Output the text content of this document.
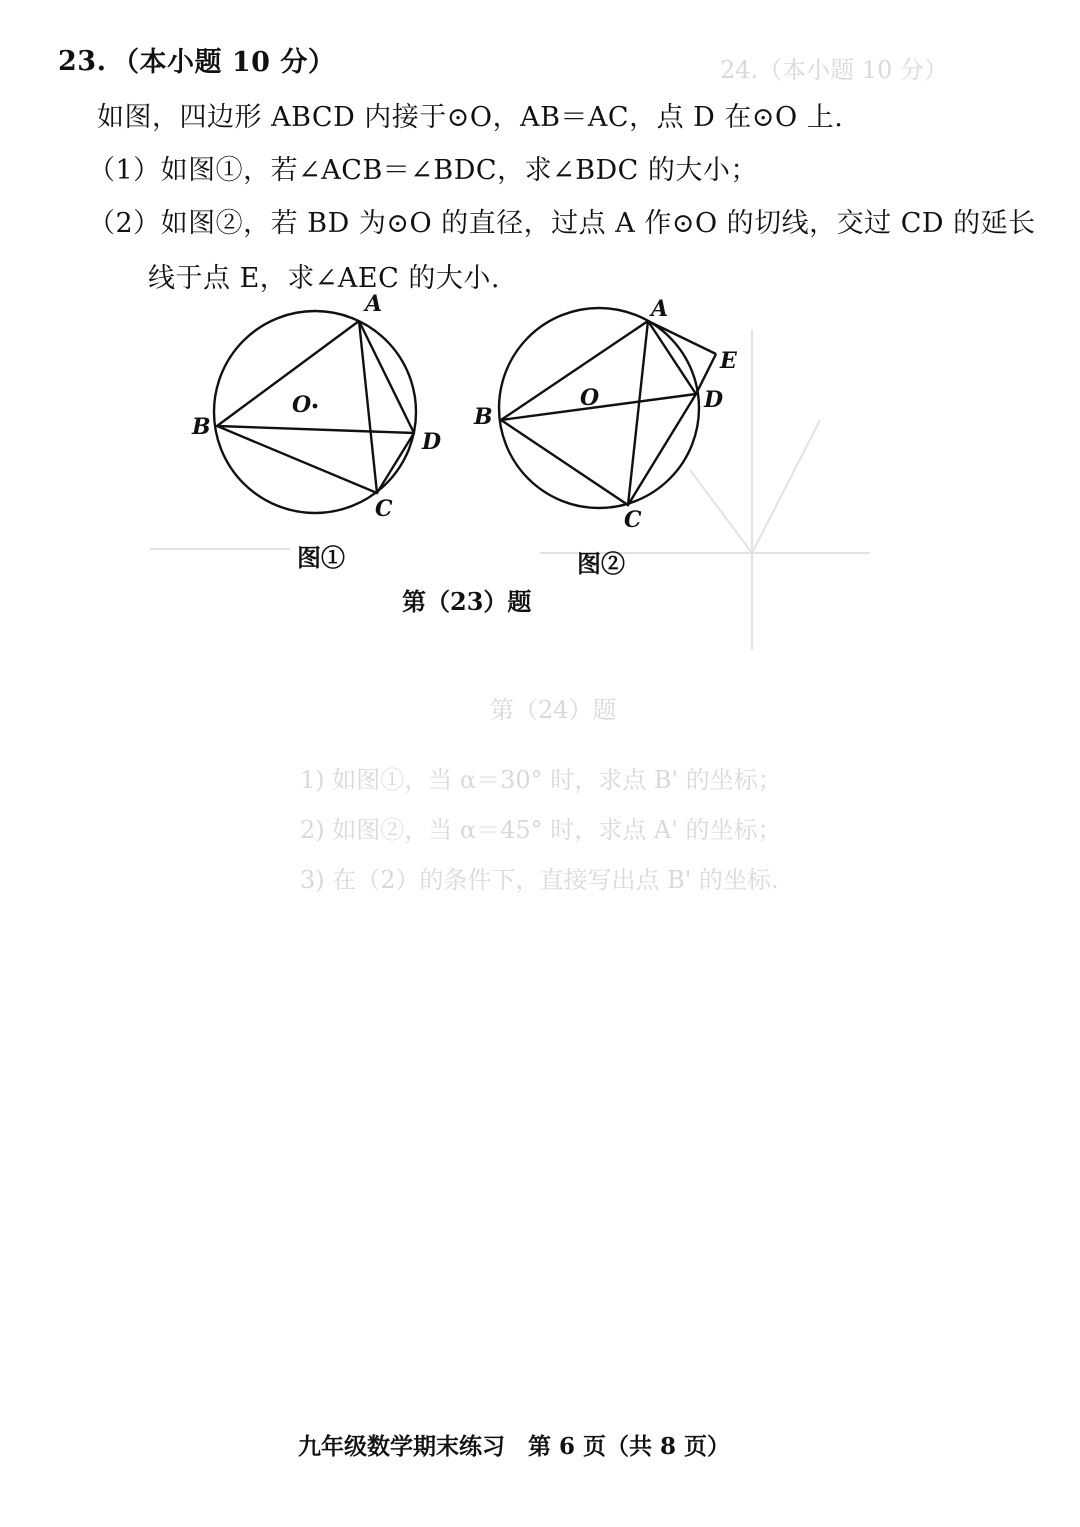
24.（本小题 10 分）
1) 如图①，当 α＝30° 时，求点 B' 的坐标；
2) 如图②，当 α＝45° 时，求点 A' 的坐标；
3) 在（2）的条件下，直接写出点 B' 的坐标.
第（24）题
23. （本小题 10 分）
如图，四边形 ABCD 内接于⊙O，AB＝AC，点 D 在⊙O 上.
（1）如图①，若∠ACB＝∠BDC，求∠BDC 的大小；
（2）如图②，若 BD 为⊙O 的直径，过点 A 作⊙O 的切线，交过 CD 的延长
线于点 E，求∠AEC 的大小.
A
B
C
D
O
A
B
C
D
E
O
图①	图②
第（23）题
九年级数学期末练习　第 6 页（共 8 页）
